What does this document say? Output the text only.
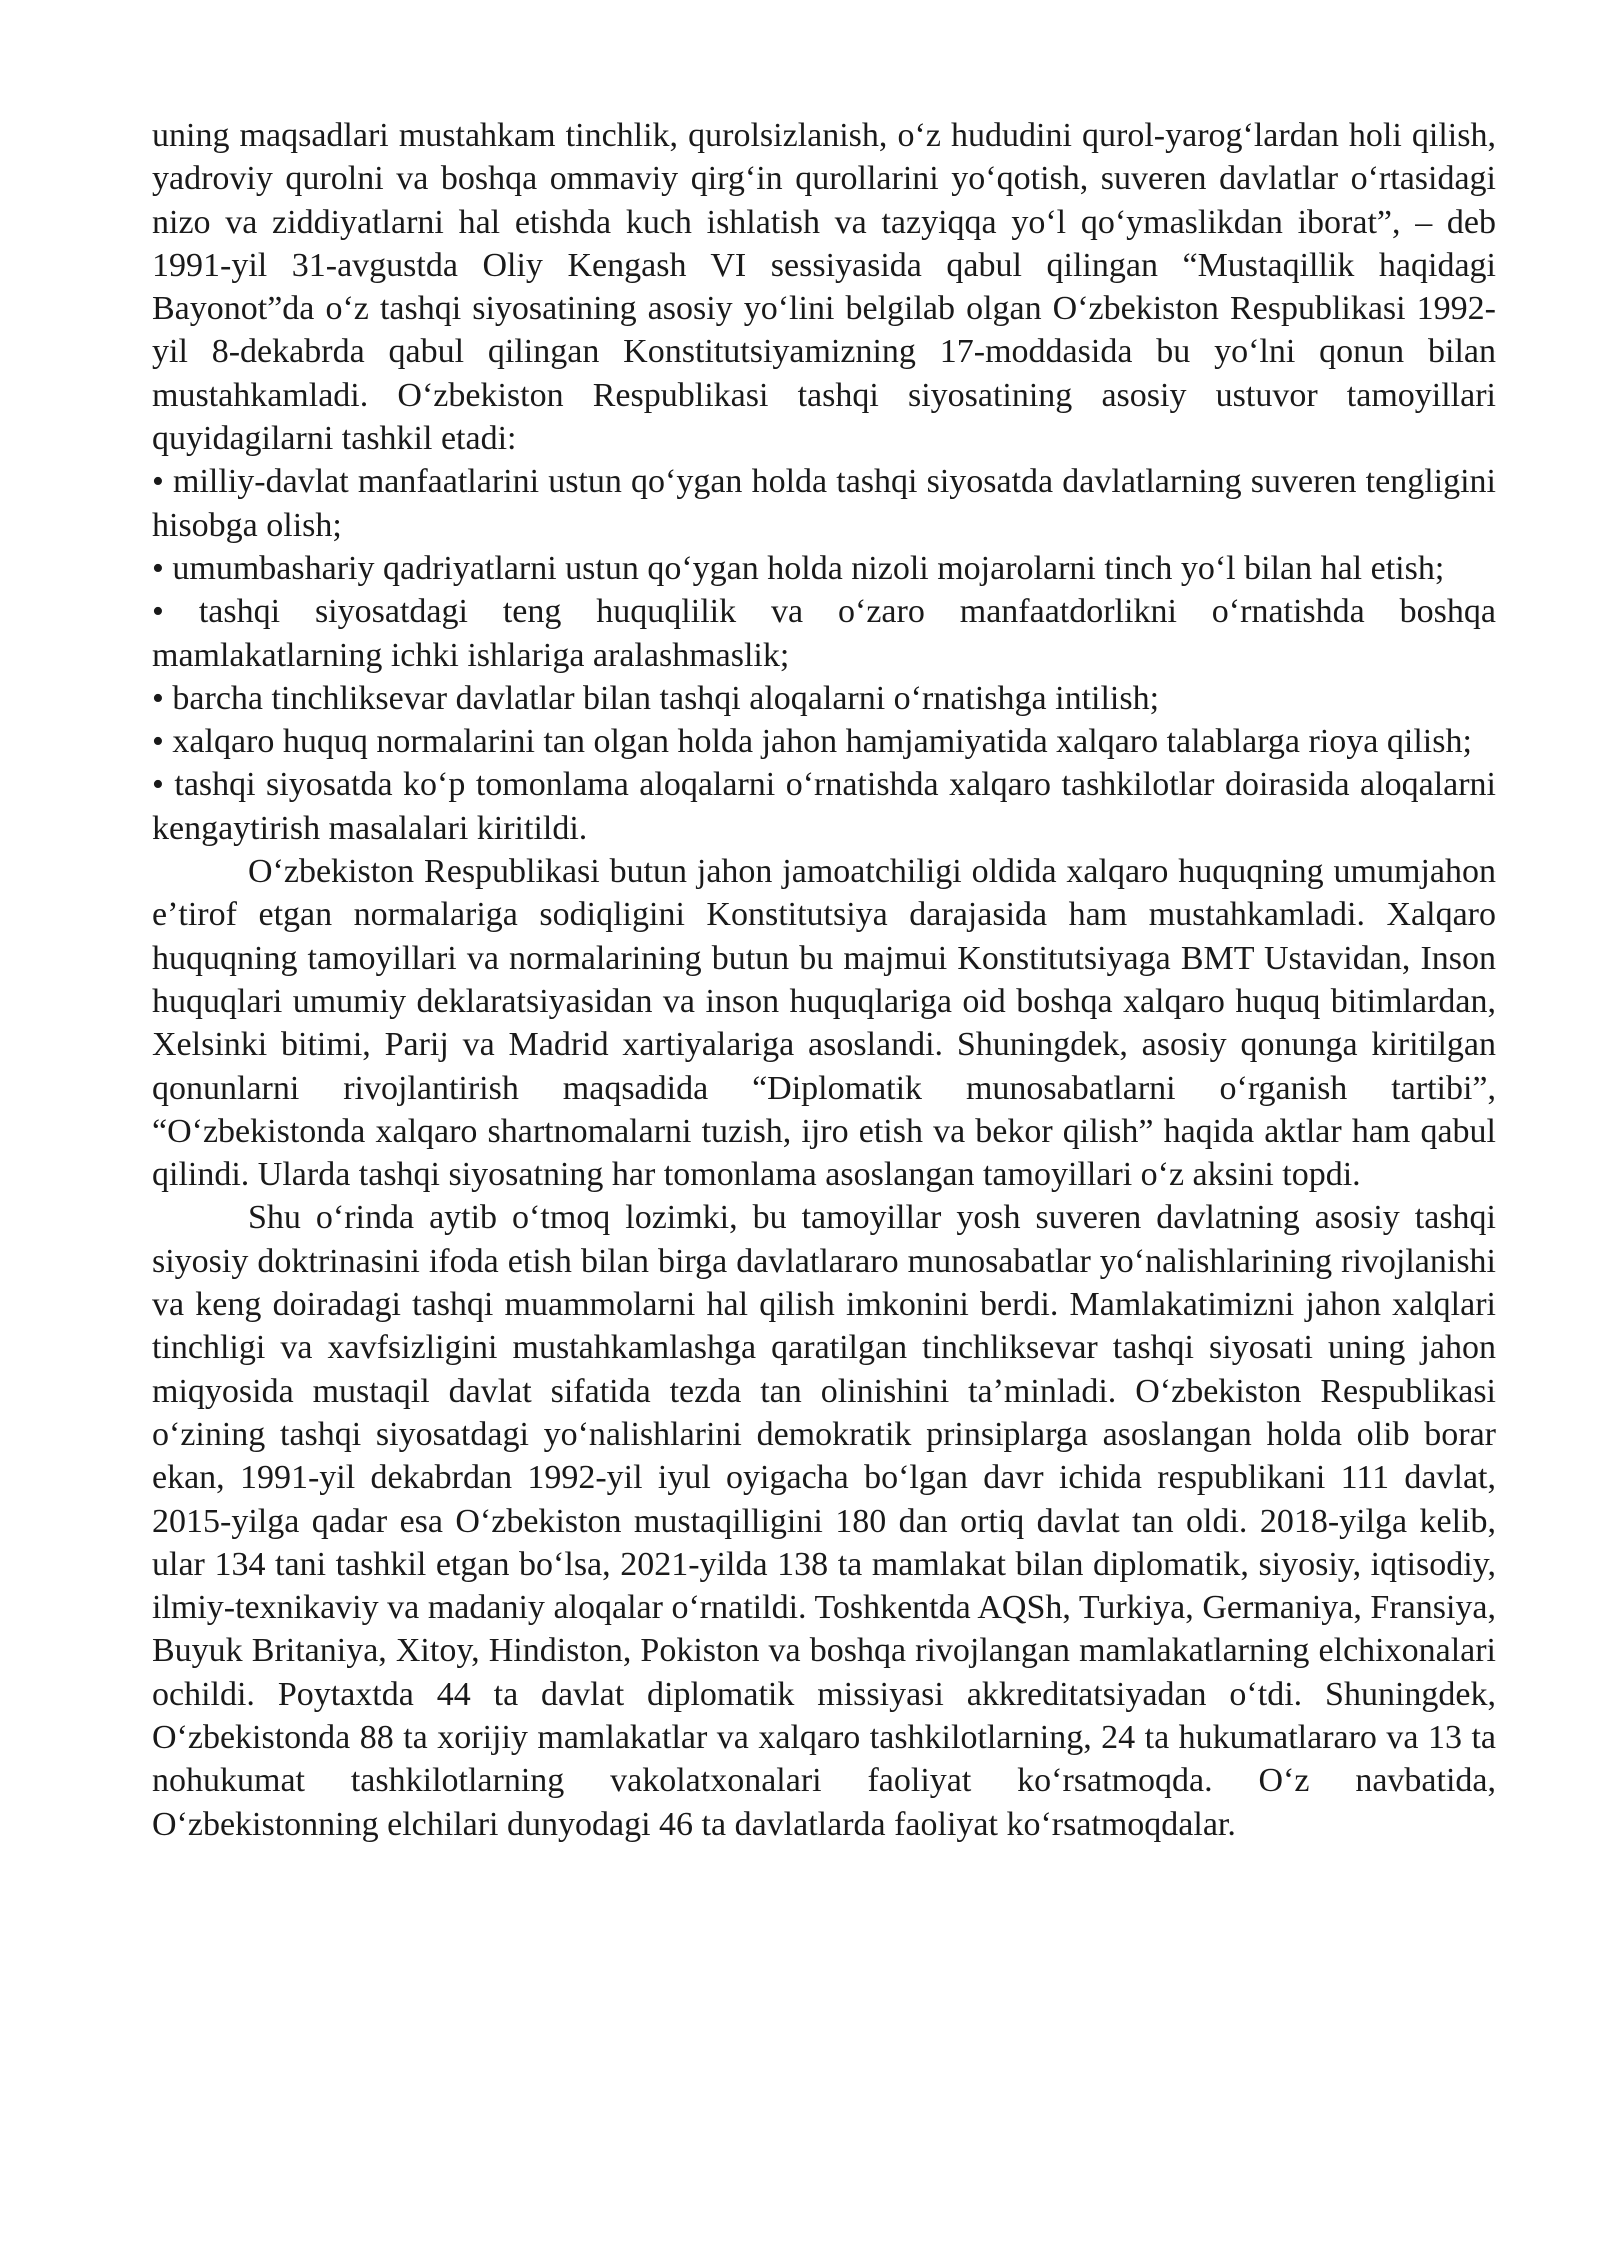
uning maqsadlari mustahkam tinchlik, qurolsizlanish, oʻz hududini qurol-yarogʻlardan holi qilish, yadroviy qurolni va boshqa ommaviy qirgʻin qurollarini yoʻqotish, suveren davlatlar oʻrtasidagi nizo va ziddiyatlarni hal etishda kuch ishlatish va tazyiqqa yoʻl qoʻymaslikdan iborat”, – deb 1991-yil 31-avgustda Oliy Kengash VI sessiyasida qabul qilingan “Mustaqillik haqidagi Bayonot”da oʻz tashqi siyosatining asosiy yoʻlini belgilab olgan Oʻzbekiston Respublikasi 1992-yil 8-dekabrda qabul qilingan Konstitutsiyamizning 17-moddasida bu yoʻlni qonun bilan mustahkamladi. Oʻzbekiston Respublikasi tashqi siyosatining asosiy ustuvor tamoyillari quyidagilarni tashkil etadi:

• milliy-davlat manfaatlarini ustun qoʻygan holda tashqi siyosatda davlatlarning suveren tengligini hisobga olish;

• umumbashariy qadriyatlarni ustun qoʻygan holda nizoli mojarolarni tinch yoʻl bilan hal etish;

• tashqi siyosatdagi teng huquqlilik va oʻzaro manfaatdorlikni oʻrnatishda boshqa mamlakatlarning ichki ishlariga aralashmaslik;

• barcha tinchliksevar davlatlar bilan tashqi aloqalarni oʻrnatishga intilish;

• xalqaro huquq normalarini tan olgan holda jahon hamjamiyatida xalqaro talablarga rioya qilish;

• tashqi siyosatda koʻp tomonlama aloqalarni oʻrnatishda xalqaro tashkilotlar doirasida aloqalarni kengaytirish masalalari kiritildi.

Oʻzbekiston Respublikasi butun jahon jamoatchiligi oldida xalqaro huquqning umumjahon eʼtirof etgan normalariga sodiqligini Konstitutsiya darajasida ham mustahkamladi. Xalqaro huquqning tamoyillari va normalarining butun bu majmui Konstitutsiyaga BMT Ustavidan, Inson huquqlari umumiy deklaratsiyasidan va inson huquqlariga oid boshqa xalqaro huquq bitimlardan, Xelsinki bitimi, Parij va Madrid xartiyalariga asoslandi. Shuningdek, asosiy qonunga kiritilgan qonunlarni rivojlantirish maqsadida “Diplomatik munosabatlarni oʻrganish tartibi”, “Oʻzbekistonda xalqaro shartnomalarni tuzish, ijro etish va bekor qilish” haqida aktlar ham qabul qilindi. Ularda tashqi siyosatning har tomonlama asoslangan tamoyillari oʻz aksini topdi.

Shu oʻrinda aytib oʻtmoq lozimki, bu tamoyillar yosh suveren davlatning asosiy tashqi siyosiy doktrinasini ifoda etish bilan birga davlatlararo munosabatlar yoʻnalishlarining rivojlanishi va keng doiradagi tashqi muammolarni hal qilish imkonini berdi. Mamlakatimizni jahon xalqlari tinchligi va xavfsizligini mustahkamlashga qaratilgan tinchliksevar tashqi siyosati uning jahon miqyosida mustaqil davlat sifatida tezda tan olinishini taʼminladi. Oʻzbekiston Respublikasi oʻzining tashqi siyosatdagi yoʻnalishlarini demokratik prinsiplarga asoslangan holda olib borar ekan, 1991-yil dekabrdan 1992-yil iyul oyigacha boʻlgan davr ichida respublikani 111 davlat, 2015-yilga qadar esa Oʻzbekiston mustaqilligini 180 dan ortiq davlat tan oldi. 2018-yilga kelib, ular 134 tani tashkil etgan boʻlsa, 2021-yilda 138 ta mamlakat bilan diplomatik, siyosiy, iqtisodiy, ilmiy-texnikaviy va madaniy aloqalar oʻrnatildi. Toshkentda AQSh, Turkiya, Germaniya, Fransiya, Buyuk Britaniya, Xitoy, Hindiston, Pokiston va boshqa rivojlangan mamlakatlarning elchixonalari ochildi. Poytaxtda 44 ta davlat diplomatik missiyasi akkreditatsiyadan oʻtdi. Shuningdek, Oʻzbekistonda 88 ta xorijiy mamlakatlar va xalqaro tashkilotlarning, 24 ta hukumatlararo va 13 ta nohukumat tashkilotlarning vakolatxonalari faoliyat koʻrsatmoqda. Oʻz navbatida, Oʻzbekistonning elchilari dunyodagi 46 ta davlatlarda faoliyat koʻrsatmoqdalar.
